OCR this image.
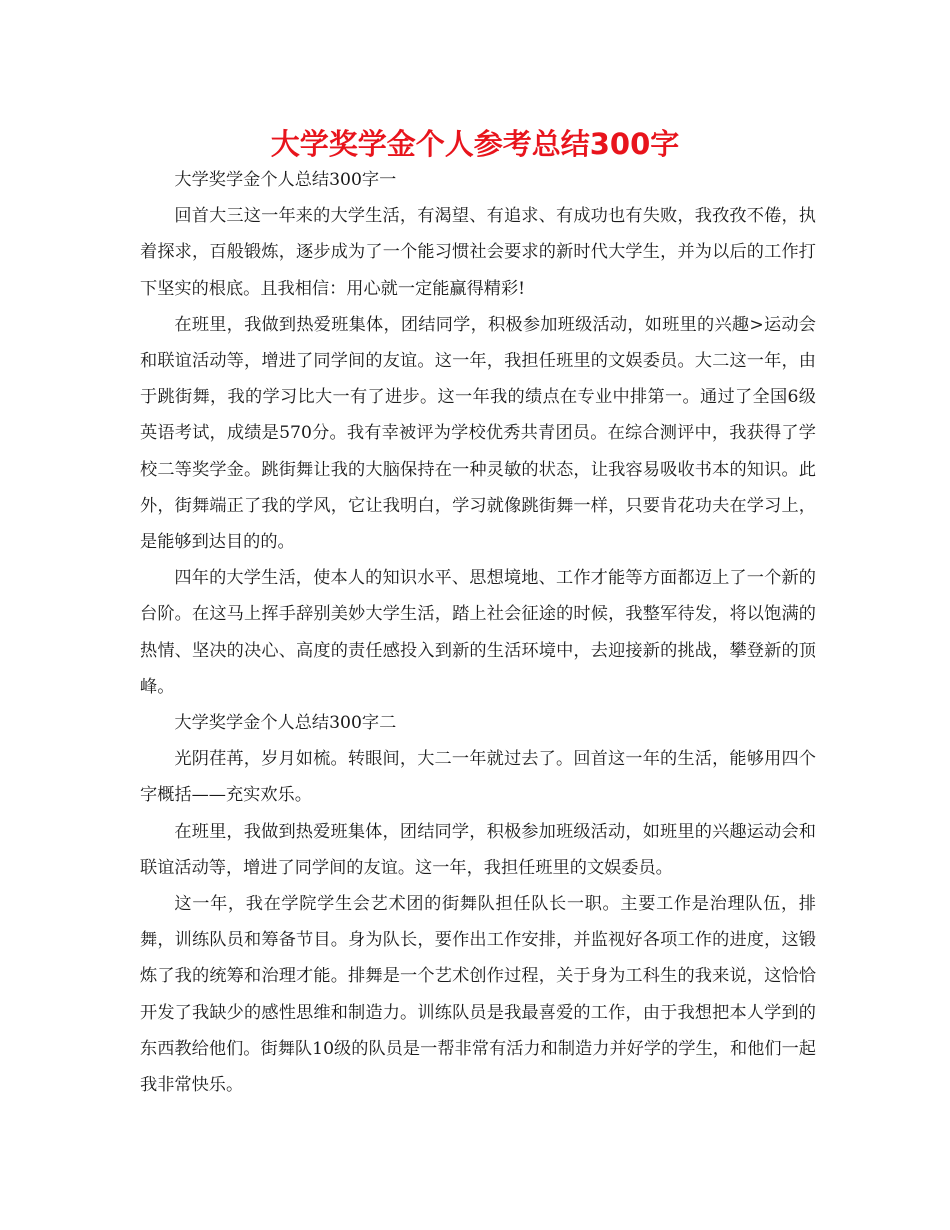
大学奖学金个人参考总结300字

大学奖学金个人总结300字一

回首大三这一年来的大学生活，有渴望、有追求、有成功也有失败，我孜孜不倦，执着探求，百般锻炼，逐步成为了一个能习惯社会要求的新时代大学生，并为以后的工作打下坚实的根底。且我相信：用心就一定能赢得精彩!

在班里，我做到热爱班集体，团结同学，积极参加班级活动，如班里的兴趣>运动会和联谊活动等，增进了同学间的友谊。这一年，我担任班里的文娱委员。大二这一年，由于跳街舞，我的学习比大一有了进步。这一年我的绩点在专业中排第一。通过了全国6级英语考试，成绩是570分。我有幸被评为学校优秀共青团员。在综合测评中，我获得了学校二等奖学金。跳街舞让我的大脑保持在一种灵敏的状态，让我容易吸收书本的知识。此外，街舞端正了我的学风，它让我明白，学习就像跳街舞一样，只要肯花功夫在学习上，是能够到达目的的。

四年的大学生活，使本人的知识水平、思想境地、工作才能等方面都迈上了一个新的台阶。在这马上挥手辞别美妙大学生活，踏上社会征途的时候，我整军待发，将以饱满的热情、坚决的决心、高度的责任感投入到新的生活环境中，去迎接新的挑战，攀登新的顶峰。

大学奖学金个人总结300字二

光阴荏苒，岁月如梳。转眼间，大二一年就过去了。回首这一年的生活，能够用四个字概括——充实欢乐。

在班里，我做到热爱班集体，团结同学，积极参加班级活动，如班里的兴趣运动会和联谊活动等，增进了同学间的友谊。这一年，我担任班里的文娱委员。

这一年，我在学院学生会艺术团的街舞队担任队长一职。主要工作是治理队伍，排舞，训练队员和筹备节目。身为队长，要作出工作安排，并监视好各项工作的进度，这锻炼了我的统筹和治理才能。排舞是一个艺术创作过程，关于身为工科生的我来说，这恰恰开发了我缺少的感性思维和制造力。训练队员是我最喜爱的工作，由于我想把本人学到的东西教给他们。街舞队10级的队员是一帮非常有活力和制造力并好学的学生，和他们一起我非常快乐。
